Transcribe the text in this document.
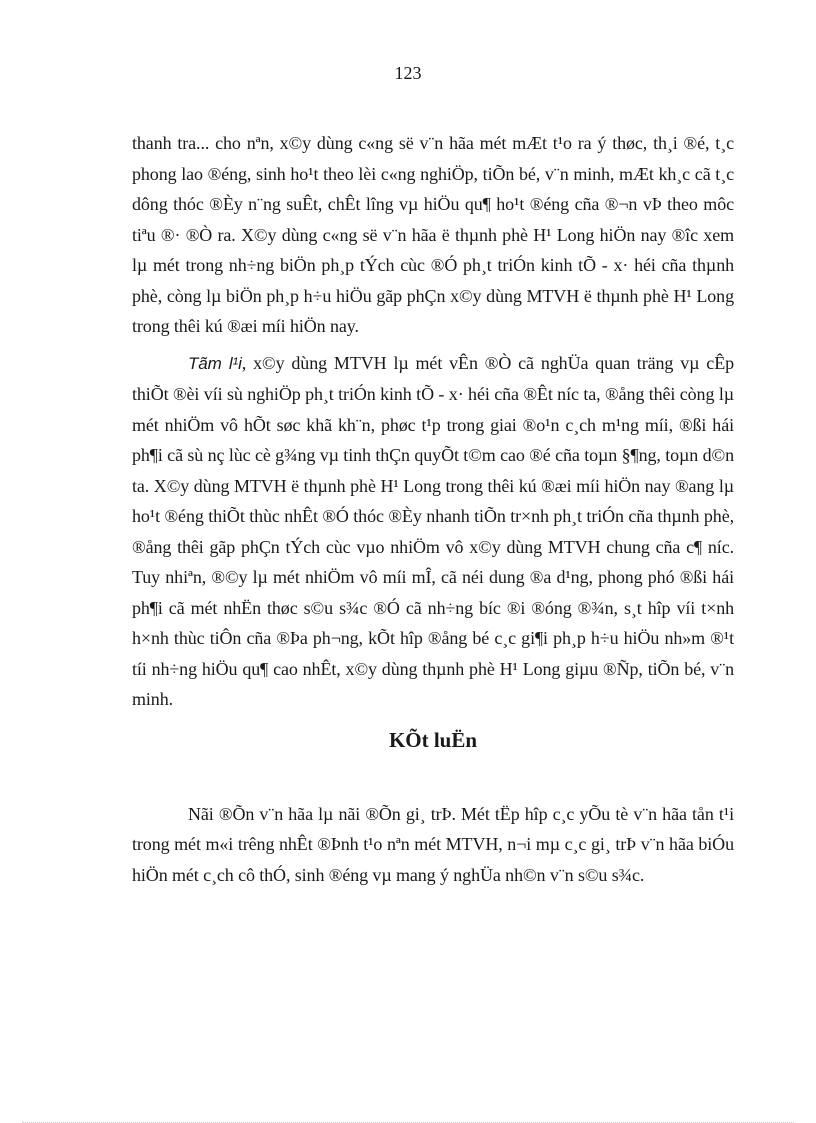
123

thanh tra... cho nªn, x©y dùng c«ng së v¨n hãa mét mÆt t¹o ra ý thøc, th¸i ®é, t¸c phong lao ®éng, sinh ho¹t theo lèi c«ng nghiÖp, tiÕn bé, v¨n minh, mÆt kh¸c cã t¸c dông thóc ®Èy n¨ng suÊt, chÊt lîng vµ hiÖu qu¶ ho¹t ®éng cña ®¬n vÞ theo môc tiªu ®· ®Ò ra. X©y dùng c«ng së v¨n hãa ë thµnh phè H¹ Long hiÖn nay ®îc xem lµ mét trong nh÷ng biÖn ph¸p tÝch cùc ®Ó ph¸t triÓn kinh tÕ - x· héi cña thµnh phè, còng lµ biÖn ph¸p h÷u hiÖu gãp phÇn x©y dùng MTVH ë thµnh phè H¹ Long trong thêi kú ®æi míi hiÖn nay.

Tãm l¹i, x©y dùng MTVH lµ mét vÊn ®Ò cã nghÜa quan träng vµ cÊp thiÕt ®èi víi sù nghiÖp ph¸t triÓn kinh tÕ - x· héi cña ®Êt níc ta, ®ång thêi còng lµ mét nhiÖm vô hÕt søc khã kh¨n, phøc t¹p trong giai ®o¹n c¸ch m¹ng míi, ®ßi hái ph¶i cã sù nç lùc cè g¾ng vµ tinh thÇn quyÕt t©m cao ®é cña toµn §¶ng, toµn d©n ta. X©y dùng MTVH ë thµnh phè H¹ Long trong thêi kú ®æi míi hiÖn nay ®ang lµ ho¹t ®éng thiÕt thùc nhÊt ®Ó thóc ®Èy nhanh tiÕn tr×nh ph¸t triÓn cña thµnh phè, ®ång thêi gãp phÇn tÝch cùc vµo nhiÖm vô x©y dùng MTVH chung cña c¶ níc. Tuy nhiªn, ®©y lµ mét nhiÖm vô míi mÎ, cã néi dung ®a d¹ng, phong phó ®ßi hái ph¶i cã mét nhËn thøc s©u s¾c ®Ó cã nh÷ng bíc ®i ®óng ®¾n, s¸t hîp víi t×nh h×nh thùc tiÔn cña ®Þa ph¬ng, kÕt hîp ®ång bé c¸c gi¶i ph¸p h÷u hiÖu nh»m ®¹t tíi nh÷ng hiÖu qu¶ cao nhÊt, x©y dùng thµnh phè H¹ Long giµu ®Ñp, tiÕn bé, v¨n minh.

KÕt luËn

Nãi ®Õn v¨n hãa lµ nãi ®Õn gi¸ trÞ. Mét tËp hîp c¸c yÕu tè v¨n hãa tån t¹i trong mét m«i trêng nhÊt ®Þnh t¹o nªn mét MTVH, n¬i mµ c¸c gi¸ trÞ v¨n hãa biÓu hiÖn mét c¸ch cô thÓ, sinh ®éng vµ mang ý nghÜa nh©n v¨n s©u s¾c.
